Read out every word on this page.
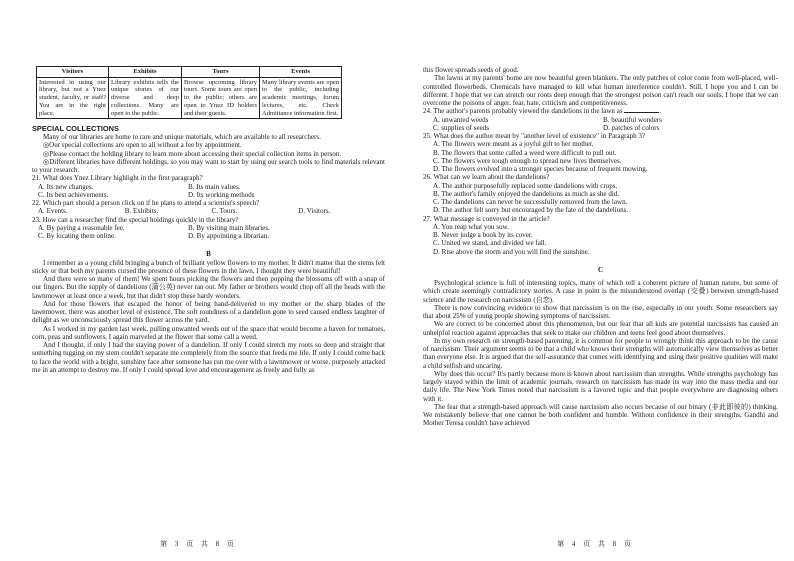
Visitors	Exhibits	Tours	Events
Interested in using our library, but not a Ynez student, faculty, or staff? You are in the right place.	Library exhibits tells the unique stories of our diverse and deep collections. Many are open to the public.	Browse upcoming library tours. Some tours are open to the public; others are open to Ynez ID holders and their guests.	Many library events are open to the public, including academic meetings, forum lectures, etc. Check Admittance information first.

SPECIAL COLLECTIONS

Many of our libraries are home to rare and unique materials, which are available to all researchers.

◎Our special collections are open to all without a fee by appointment.

◎Please contact the holding library to learn more about accessing their special collection items in person.

◎Different libraries have different holdings, so you may want to start by using our search tools to find materials relevant to your research.

21. What does Ynez Library highlight in the first paragraph?

A. Its new changes.	B. Its main values.
C. Its best achievements.	D. Its working methods

22. Which part should a person click on if he plans to attend a scientist's speech?

A. Events.	B. Exhibits.	C. Tours.	D. Visitors.

23. How can a researcher find the special holdings quickly in the library?

A. By paying a reasonable fee.	B. By visiting main libraries.
C. By locating them online.	D. By appointing a librarian.

B

I remember as a young child bringing a bunch of brilliant yellow flowers to my mother. It didn't matter that the stems felt sticky or that both my parents cursed the presence of these flowers in the lawn, I thought they were beautiful!

And there were so many of them! We spent hours picking the flowers and then popping the blossoms off with a snap of our fingers. But the supply of dandelions (蒲公英) never ran out. My father or brothers would chop off all the heads with the lawnmower at least once a week, but that didn't stop these hardy wonders.

And for those flowers that escaped the honor of being hand-delivered to my mother or the sharp blades of the lawnmower, there was another level of existence. The soft roundness of a dandelion gone to seed caused endless laughter of delight as we unconsciously spread this flower across the yard.

As I worked in my garden last week, pulling unwanted weeds out of the space that would become a haven for tomatoes, corn, peas and sunflowers, I again marveled at the flower that some call a weed.

And I thought, if only I had the staying power of a dandelion. If only I could stretch my roots so deep and straight that something tugging on my stem couldn't separate me completely from the source that feeds me life. If only I could come back to face the world with a bright, sunshiny face after someone has run me over with a lawnmower or worse, purposely attacked me in an attempt to destroy me. If only I could spread love and encouragement as freely and fully as

第 3 页 共 8 页

this flower spreads seeds of good.

The lawns at my parents' home are now beautiful green blankets. The only patches of color come from well-placed, well-controlled flowerbeds. Chemicals have managed to kill what human interference couldn't. Still, I hope you and I can be different. I hope that we can stretch our roots deep enough that the strongest poison can't reach our souls. I hope that we can overcome the poisons of anger, fear, hate, criticism and competitiveness.

24. The author's parents probably viewed the dandelions in the lawn as	.

A. unwanted weeds	B. beautiful wonders
C. supplies of seeds	D. patches of colors

25. What does the author mean by "another level of existence" in Paragraph 3?

A. The flowers were meant as a joyful gift to her mother.

B. The flowers that some called a weed were difficult to pull out.

C. The flowers were tough enough to spread new lives themselves.

D. The flowers evolved into a stronger species because of frequent mowing.

26. What can we learn about the dandelions?

A. The author purposefully replaced some dandelions with crops.

B. The author's family enjoyed the dandelions as much as she did.

C. The dandelions can never be successfully removed from the lawn.

D. The author felt sorry but encouraged by the fate of the dandelions.

27. What message is conveyed in the article?

A. You reap what you sow.

B. Never judge a book by its cover.

C. United we stand, and divided we fall.

D. Rise above the storm and you will find the sunshine.

C

Psychological science is full of interesting topics, many of which tell a coherent picture of human nature, but some of which create seemingly contradictory stories. A case in point is the misunderstood overlap (交叠) between strength-based science and the research on narcissism (自恋).

There is now convincing evidence to show that narcissism is on the rise, especially in our youth. Some researchers say that about 25% of young people showing symptoms of narcissism.

We are correct to be concerned about this phenomenon, but our fear that all kids are potential narcissists has caused an unhelpful reaction against approaches that seek to make our children and teens feel good about themselves.

In my own research on strength-based parenting, it is common for people to wrongly think this approach to be the cause of narcissism. Their argument seems to be that a child who knows their strengths will automatically view themselves as better than everyone else. It is argued that the self-assurance that comes with identifying and using their positive qualities will make a child selfish and uncaring.

Why does this occur? It's partly because more is known about narcissism than strengths. While strengths psychology has largely stayed within the limit of academic journals, research on narcissism has made its way into the mass media and our daily life. The New York Times noted that narcissism is a favored topic and that people everywhere are diagnosing others with it.

The fear that a strength-based approach will cause narcissism also occurs because of our binary (非此即彼的) thinking. We mistakenly believe that one cannot be both confident and humble. Without confidence in their strengths, Gandhi and Mother Teresa couldn't have achieved

第 4 页 共 8 页
